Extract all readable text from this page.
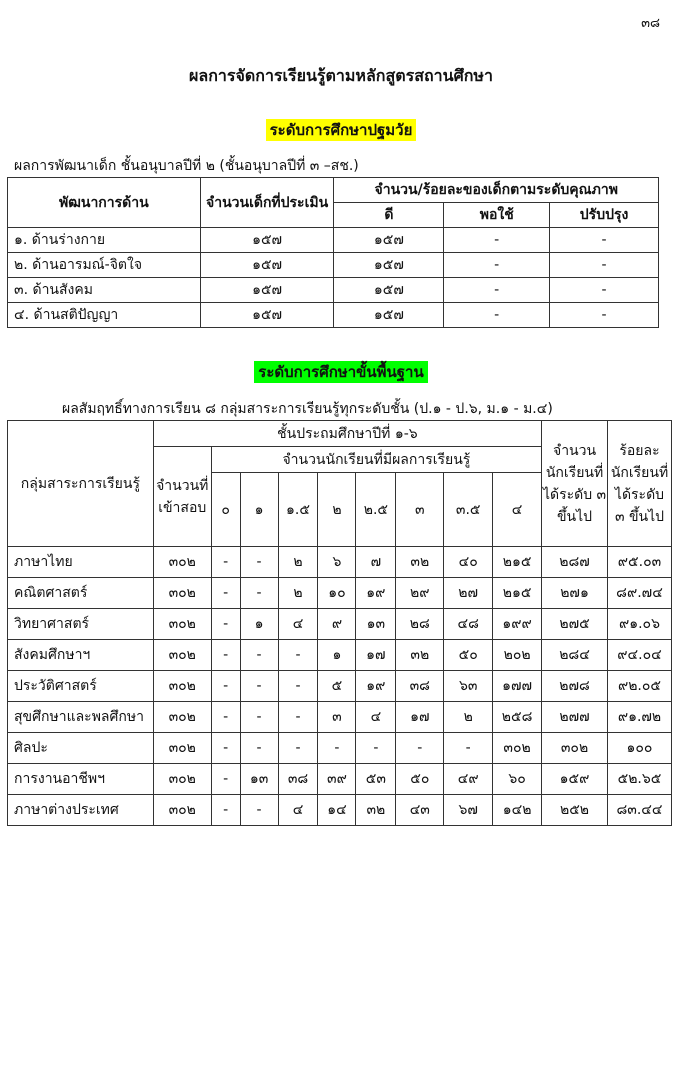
๓๘
ผลการจัดการเรียนรู้ตามหลักสูตรสถานศึกษา
ระดับการศึกษาปฐมวัย
ผลการพัฒนาเด็ก ชั้นอนุบาลปีที่ ๒ (ชั้นอนุบาลปีที่ ๓ –สช.)
พัฒนาการด้าน	จำนวนเด็กที่ประเมิน	จำนวน/ร้อยละของเด็กตามระดับคุณภาพ		
		ดี	พอใช้	ปรับปรุง
๑. ด้านร่างกาย	๑๕๗	๑๕๗	-	-
๒. ด้านอารมณ์-จิตใจ	๑๕๗	๑๕๗	-	-
๓. ด้านสังคม	๑๕๗	๑๕๗	-	-
๔. ด้านสติปัญญา	๑๕๗	๑๕๗	-	-
ระดับการศึกษาขั้นพื้นฐาน
ผลสัมฤทธิ์ทางการเรียน ๘ กลุ่มสาระการเรียนรู้ทุกระดับชั้น (ป.๑ - ป.๖, ม.๑ - ม.๔)
กลุ่มสาระการเรียนรู้	ชั้นประถมศึกษาปีที่ ๑-๖									จำนวนนักเรียนที่ได้ระดับ ๓ ขึ้นไป	ร้อยละนักเรียนที่ได้ระดับ ๓ ขึ้นไป
	จำนวนที่เข้าสอบ	จำนวนนักเรียนที่มีผลการเรียนรู้									
		๐	๑	๑.๕	๒	๒.๕	๓	๓.๕	๔		
ภาษาไทย	๓๐๒	-	-	๒	๖	๗	๓๒	๔๐	๒๑๕	๒๘๗	๙๕.๐๓
คณิตศาสตร์	๓๐๒	-	-	๒	๑๐	๑๙	๒๙	๒๗	๒๑๕	๒๗๑	๘๙.๗๔
วิทยาศาสตร์	๓๐๒	-	๑	๔	๙	๑๓	๒๘	๔๘	๑๙๙	๒๗๕	๙๑.๐๖
สังคมศึกษาฯ	๓๐๒	-	-	-	๑	๑๗	๓๒	๕๐	๒๐๒	๒๘๔	๙๔.๐๔
ประวัติศาสตร์	๓๐๒	-	-	-	๕	๑๙	๓๘	๖๓	๑๗๗	๒๗๘	๙๒.๐๕
สุขศึกษาและพลศึกษา	๓๐๒	-	-	-	๓	๔	๑๗	๒	๒๕๘	๒๗๗	๙๑.๗๒
ศิลปะ	๓๐๒	-	-	-	-	-	-	-	๓๐๒	๓๐๒	๑๐๐
การงานอาชีพฯ	๓๐๒	-	๑๓	๓๘	๓๙	๕๓	๕๐	๔๙	๖๐	๑๕๙	๕๒.๖๕
ภาษาต่างประเทศ	๓๐๒	-	-	๔	๑๔	๓๒	๔๓	๖๗	๑๔๒	๒๕๒	๘๓.๔๔
